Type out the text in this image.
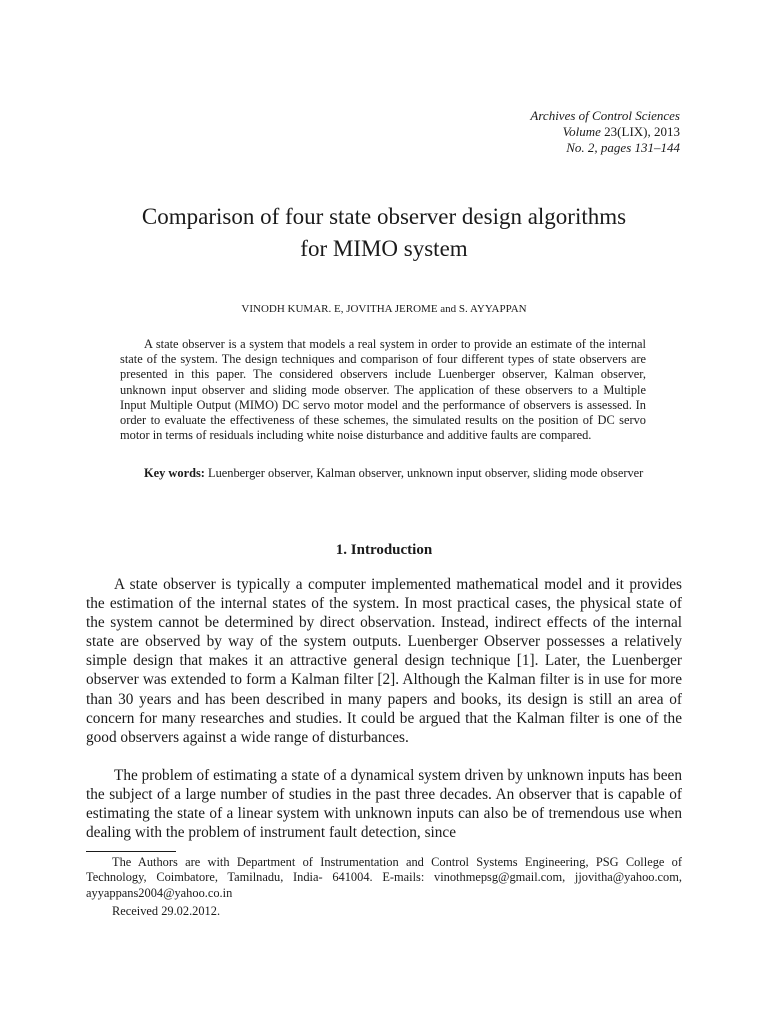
Archives of Control Sciences
Volume 23(LIX), 2013
No. 2, pages 131–144
Comparison of four state observer design algorithms
for MIMO system
VINODH KUMAR. E, JOVITHA JEROME and S. AYYAPPAN

A state observer is a system that models a real system in order to provide an estimate of the internal state of the system. The design techniques and comparison of four different types of state observers are presented in this paper. The considered observers include Luenberger observer, Kalman observer, unknown input observer and sliding mode observer. The application of these observers to a Multiple Input Multiple Output (MIMO) DC servo motor model and the performance of observers is assessed. In order to evaluate the effectiveness of these schemes, the simulated results on the position of DC servo motor in terms of residuals including white noise disturbance and additive faults are compared.

Key words: Luenberger observer, Kalman observer, unknown input observer, sliding mode observer

1. Introduction

A state observer is typically a computer implemented mathematical model and it provides the estimation of the internal states of the system. In most practical cases, the physical state of the system cannot be determined by direct observation. Instead, indirect effects of the internal state are observed by way of the system outputs. Luenberger Observer possesses a relatively simple design that makes it an attractive general design technique [1]. Later, the Luenberger observer was extended to form a Kalman filter [2]. Although the Kalman filter is in use for more than 30 years and has been described in many papers and books, its design is still an area of concern for many researches and studies. It could be argued that the Kalman filter is one of the good observers against a wide range of disturbances.

The problem of estimating a state of a dynamical system driven by unknown inputs has been the subject of a large number of studies in the past three decades. An observer that is capable of estimating the state of a linear system with unknown inputs can also be of tremendous use when dealing with the problem of instrument fault detection, since

The Authors are with Department of Instrumentation and Control Systems Engineering, PSG College of Technology, Coimbatore, Tamilnadu, India- 641004. E-mails: vinothmepsg@gmail.com, jjovitha@yahoo.com, ayyappans2004@yahoo.co.in

Received 29.02.2012.
